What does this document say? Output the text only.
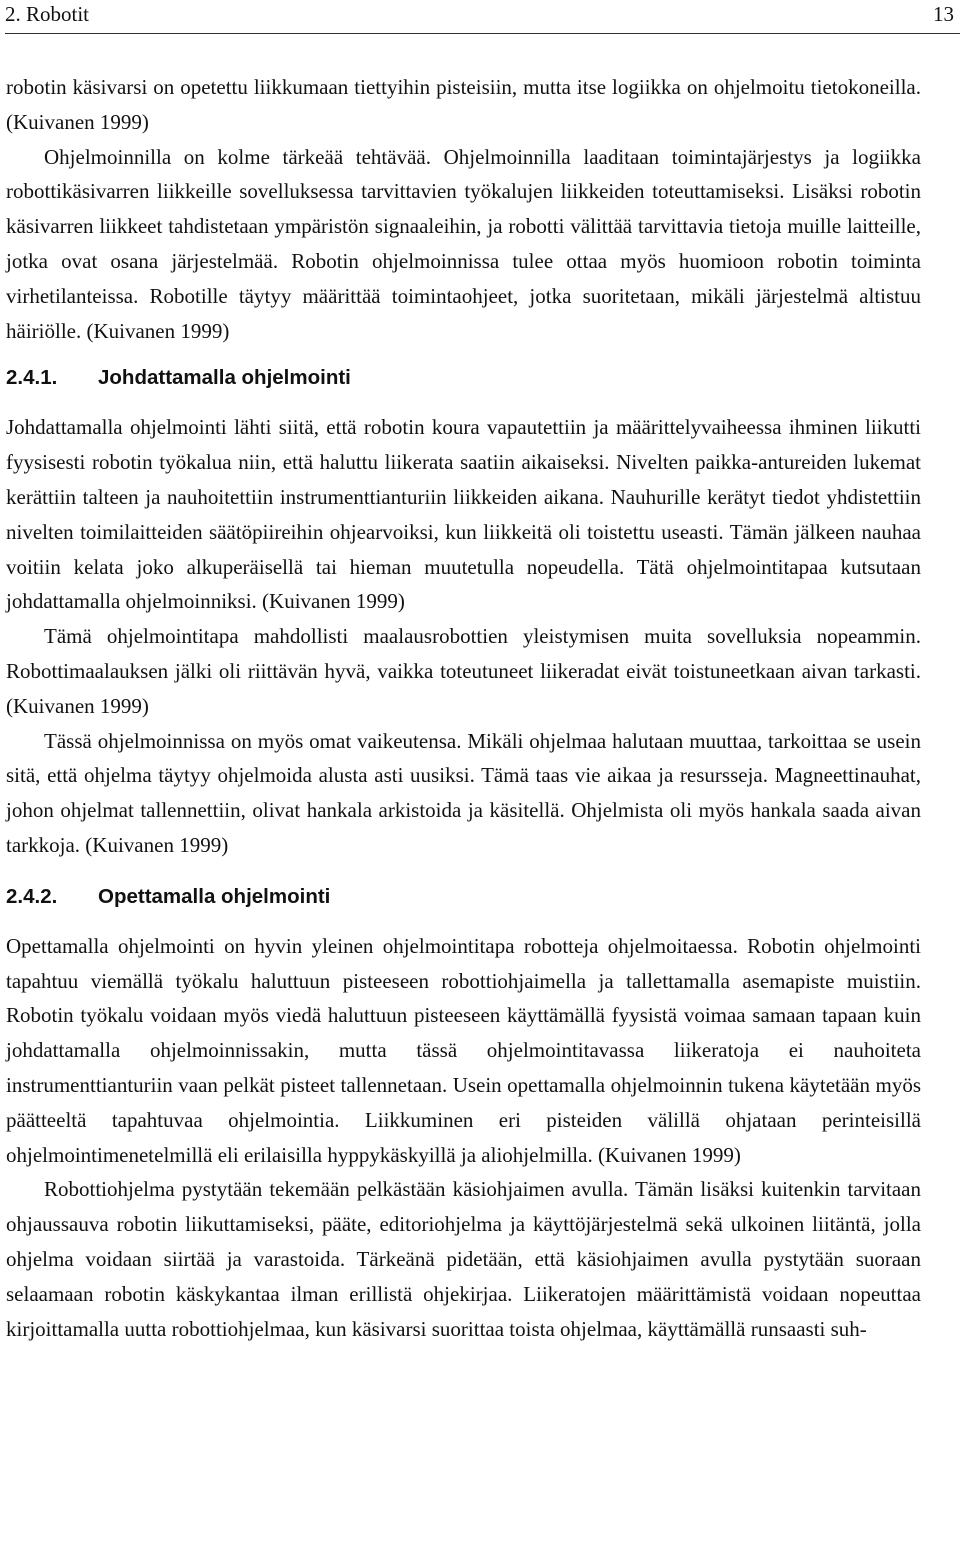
2. Robotit	13

robotin käsivarsi on opetettu liikkumaan tiettyihin pisteisiin, mutta itse logiikka on ohjelmoitu tietokoneilla. (Kuivanen 1999)

Ohjelmoinnilla on kolme tärkeää tehtävää. Ohjelmoinnilla laaditaan toimintajärjestys ja logiikka robottikäsivarren liikkeille sovelluksessa tarvittavien työkalujen liikkeiden toteuttamiseksi. Lisäksi robotin käsivarren liikkeet tahdistetaan ympäristön signaaleihin, ja robotti välittää tarvittavia tietoja muille laitteille, jotka ovat osana järjestelmää. Robotin ohjelmoinnissa tulee ottaa myös huomioon robotin toiminta virhetilanteissa. Robotille täytyy määrittää toimintaohjeet, jotka suoritetaan, mikäli järjestelmä altistuu häiriölle. (Kuivanen 1999)

2.4.1.	Johdattamalla ohjelmointi

Johdattamalla ohjelmointi lähti siitä, että robotin koura vapautettiin ja määrittelyvaiheessa ihminen liikutti fyysisesti robotin työkalua niin, että haluttu liikerata saatiin aikaiseksi. Nivelten paikka-antureiden lukemat kerättiin talteen ja nauhoitettiin instrumenttianturiin liikkeiden aikana. Nauhurille kerätyt tiedot yhdistettiin nivelten toimilaitteiden säätöpiireihin ohjearvoiksi, kun liikkeitä oli toistettu useasti. Tämän jälkeen nauhaa voitiin kelata joko alkuperäisellä tai hieman muutetulla nopeudella. Tätä ohjelmointitapaa kutsutaan johdattamalla ohjelmoinniksi. (Kuivanen 1999)

Tämä ohjelmointitapa mahdollisti maalausrobottien yleistymisen muita sovelluksia nopeammin. Robottimaalauksen jälki oli riittävän hyvä, vaikka toteutuneet liikeradat eivät toistuneetkaan aivan tarkasti. (Kuivanen 1999)

Tässä ohjelmoinnissa on myös omat vaikeutensa. Mikäli ohjelmaa halutaan muuttaa, tarkoittaa se usein sitä, että ohjelma täytyy ohjelmoida alusta asti uusiksi. Tämä taas vie aikaa ja resursseja. Magneettinauhat, johon ohjelmat tallennettiin, olivat hankala arkistoida ja käsitellä. Ohjelmista oli myös hankala saada aivan tarkkoja. (Kuivanen 1999)

2.4.2.	Opettamalla ohjelmointi

Opettamalla ohjelmointi on hyvin yleinen ohjelmointitapa robotteja ohjelmoitaessa. Robotin ohjelmointi tapahtuu viemällä työkalu haluttuun pisteeseen robottiohjaimella ja tallettamalla asemapiste muistiin. Robotin työkalu voidaan myös viedä haluttuun pisteeseen käyttämällä fyysistä voimaa samaan tapaan kuin johdattamalla ohjelmoinnissakin, mutta tässä ohjelmointitavassa liikeratoja ei nauhoiteta instrumenttianturiin vaan pelkät pisteet tallennetaan. Usein opettamalla ohjelmoinnin tukena käytetään myös päätteeltä tapahtuvaa ohjelmointia. Liikkuminen eri pisteiden välillä ohjataan perinteisillä ohjelmointimenetelmillä eli erilaisilla hyppykäskyillä ja aliohjelmilla. (Kuivanen 1999)

Robottiohjelma pystytään tekemään pelkästään käsiohjaimen avulla. Tämän lisäksi kuitenkin tarvitaan ohjaussauva robotin liikuttamiseksi, pääte, editoriohjelma ja käyttöjärjestelmä sekä ulkoinen liitäntä, jolla ohjelma voidaan siirtää ja varastoida. Tärkeänä pidetään, että käsiohjaimen avulla pystytään suoraan selaamaan robotin käskykantaa ilman erillistä ohjekirjaa. Liikeratojen määrittämistä voidaan nopeuttaa kirjoittamalla uutta robottiohjelmaa, kun käsivarsi suorittaa toista ohjelmaa, käyttämällä runsaasti suh-
